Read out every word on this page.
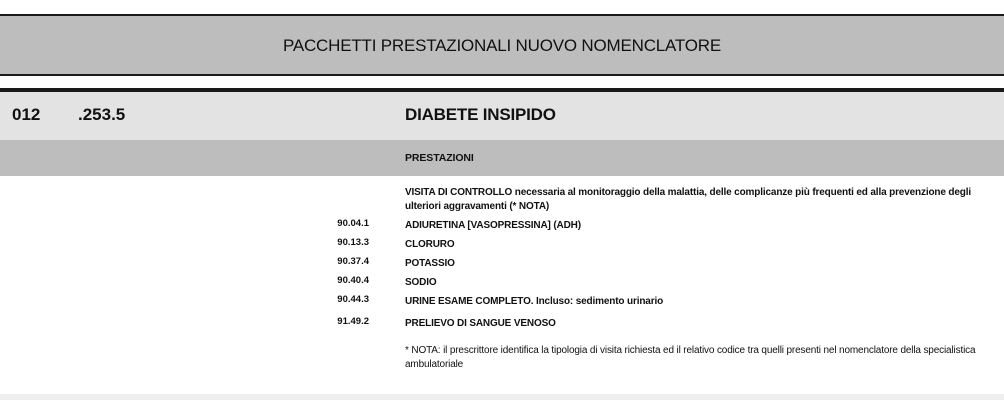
PACCHETTI PRESTAZIONALI NUOVO NOMENCLATORE
012 .253.5	DIABETE INSIPIDO
PRESTAZIONI
VISITA DI CONTROLLO necessaria al monitoraggio della malattia, delle complicanze più frequenti ed alla prevenzione degli ulteriori aggravamenti (* NOTA)
90.04.1	ADIURETINA [VASOPRESSINA] (ADH)
90.13.3	CLORURO
90.37.4	POTASSIO
90.40.4	SODIO
90.44.3	URINE ESAME COMPLETO. Incluso: sedimento urinario
91.49.2	PRELIEVO DI SANGUE VENOSO
* NOTA: il prescrittore identifica la tipologia di visita richiesta ed il relativo codice tra quelli presenti nel nomenclatore della specialistica ambulatoriale
